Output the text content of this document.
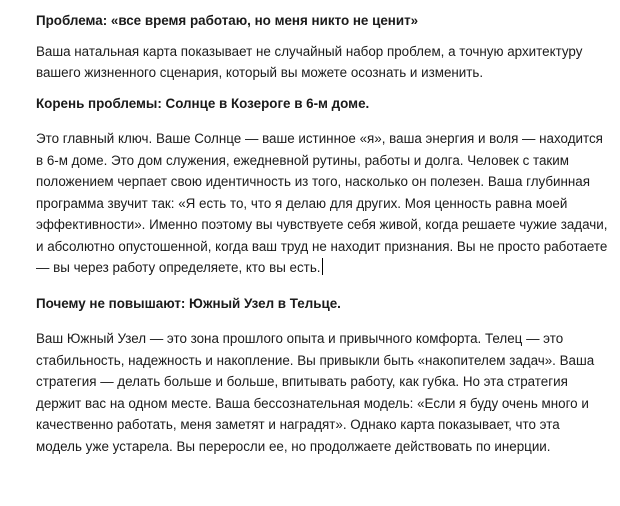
Проблема: «все время работаю, но меня никто не ценит»

Ваша натальная карта показывает не случайный набор проблем, а точную архитектуру вашего жизненного сценария, который вы можете осознать и изменить.

Корень проблемы: Солнце в Козероге в 6-м доме.

Это главный ключ. Ваше Солнце — ваше истинное «я», ваша энергия и воля — находится в 6-м доме. Это дом служения, ежедневной рутины, работы и долга. Человек с таким положением черпает свою идентичность из того, насколько он полезен. Ваша глубинная программа звучит так: «Я есть то, что я делаю для других. Моя ценность равна моей эффективности». Именно поэтому вы чувствуете себя живой, когда решаете чужие задачи, и абсолютно опустошенной, когда ваш труд не находит признания. Вы не просто работаете — вы через работу определяете, кто вы есть.

Почему не повышают: Южный Узел в Тельце.

Ваш Южный Узел — это зона прошлого опыта и привычного комфорта. Телец — это стабильность, надежность и накопление. Вы привыкли быть «накопителем задач». Ваша стратегия — делать больше и больше, впитывать работу, как губка. Но эта стратегия держит вас на одном месте. Ваша бессознательная модель: «Если я буду очень много и качественно работать, меня заметят и наградят». Однако карта показывает, что эта модель уже устарела. Вы переросли ее, но продолжаете действовать по инерции.
